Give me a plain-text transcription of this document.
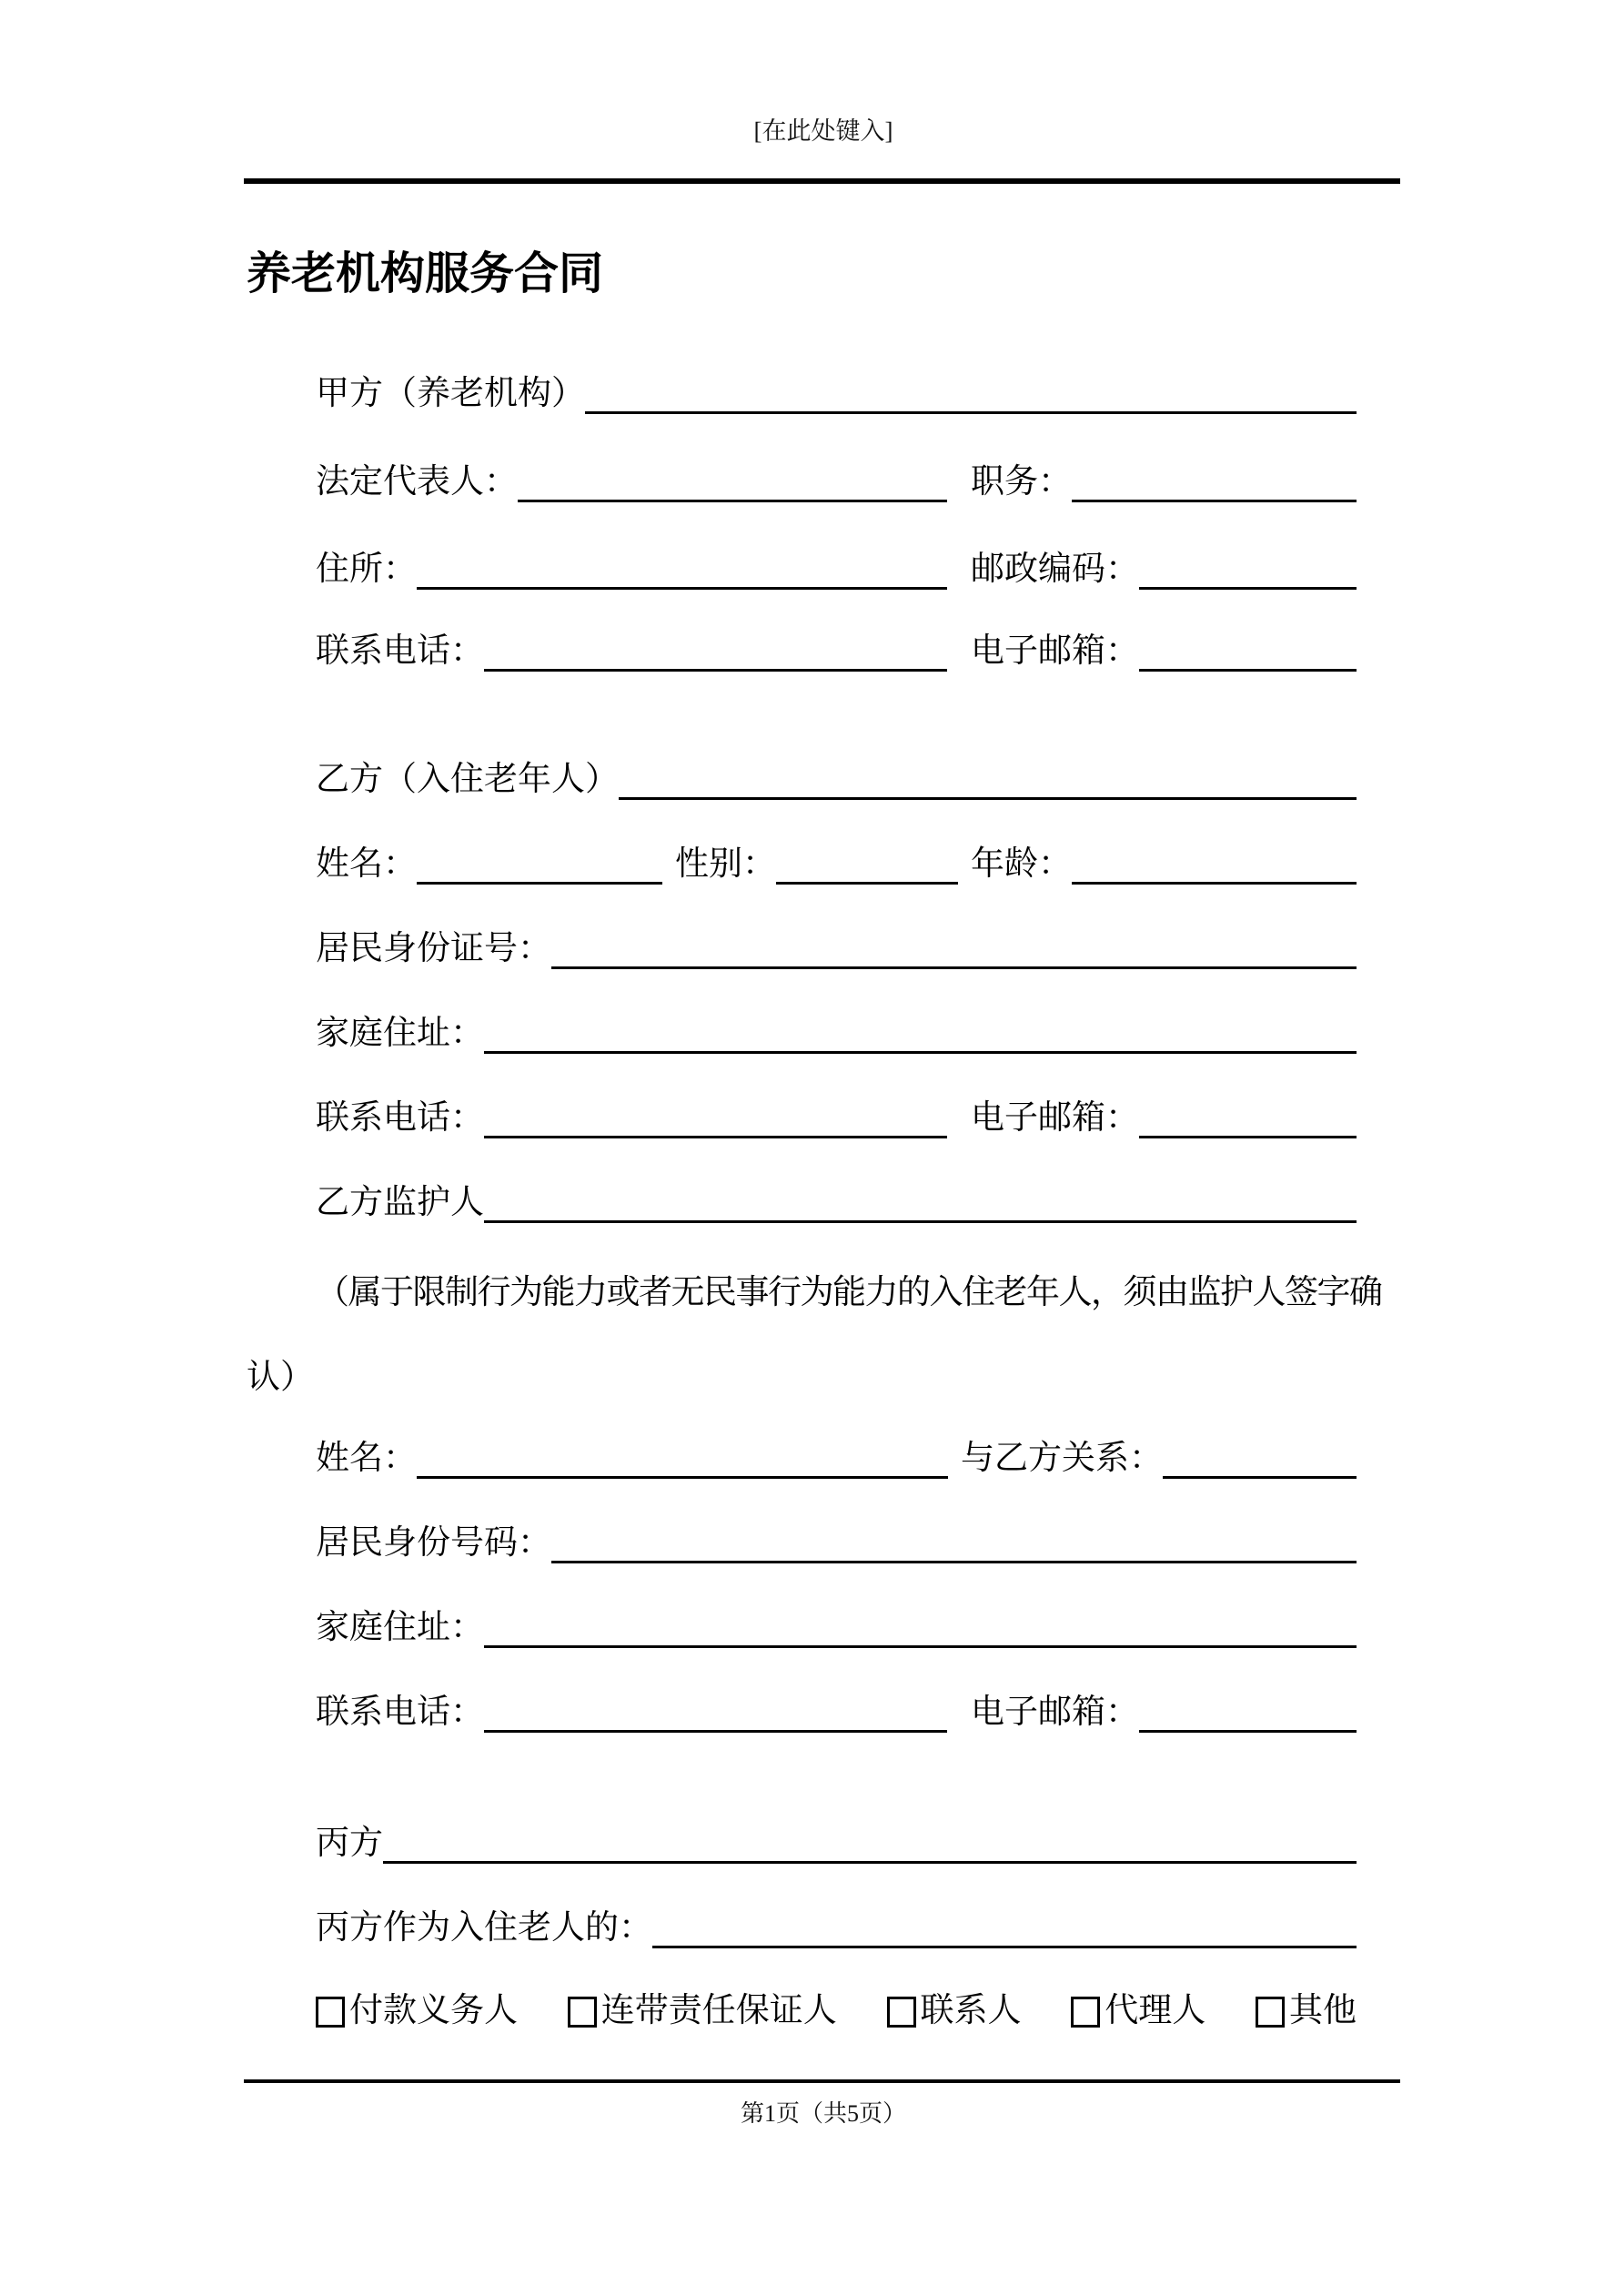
[在此处键入]
养老机构服务合同
甲方（养老机构）
法定代表人：	职务：
住所：	邮政编码：
联系电话：	电子邮箱：
乙方（入住老年人）
姓名：	性别：	年龄：
居民身份证号：
家庭住址：
联系电话：	电子邮箱：
乙方监护人
（属于限制行为能力或者无民事行为能力的入住老年人，须由监护人签字确
认）
姓名：	与乙方关系：
居民身份号码：
家庭住址：
联系电话：	电子邮箱：
丙方
丙方作为入住老人的：
付款义务人 连带责任保证人 联系人 代理人 其他
第1页（共5页）
